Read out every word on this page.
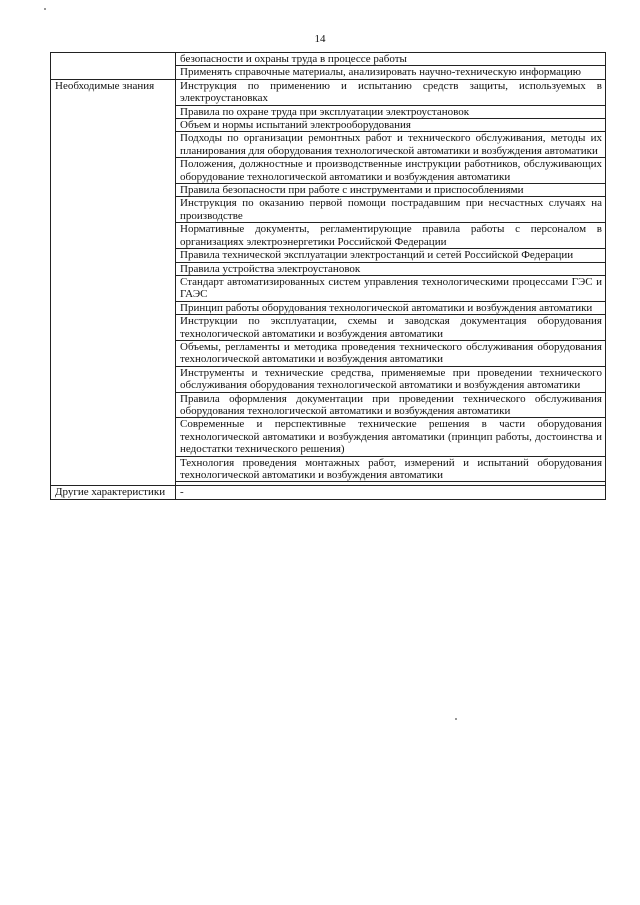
14
	безопасности и охраны труда в процессе работы
	Применять справочные материалы, анализировать научно-техническую информацию
Необходимые знания	Инструкция по применению и испытанию средств защиты, используемых в электроустановках
	Правила по охране труда при эксплуатации электроустановок
	Объем и нормы испытаний электрооборудования
	Подходы по организации ремонтных работ и технического обслуживания, методы их планирования для оборудования технологической автоматики и возбуждения автоматики
	Положения, должностные и производственные инструкции работников, обслуживающих оборудование технологической автоматики и возбуждения автоматики
	Правила безопасности при работе с инструментами и приспособлениями
	Инструкция по оказанию первой помощи пострадавшим при несчастных случаях на производстве
	Нормативные документы, регламентирующие правила работы с персоналом в организациях электроэнергетики Российской Федерации
	Правила технической эксплуатации электростанций и сетей Российской Федерации
	Правила устройства электроустановок
	Стандарт автоматизированных систем управления технологическими процессами ГЭС и ГАЭС
	Принцип работы оборудования технологической автоматики и возбуждения автоматики
	Инструкции по эксплуатации, схемы и заводская документация оборудования технологической автоматики и возбуждения автоматики
	Объемы, регламенты и методика проведения технического обслуживания оборудования технологической автоматики и возбуждения автоматики
	Инструменты и технические средства, применяемые при проведении технического обслуживания оборудования технологической автоматики и возбуждения автоматики
	Правила оформления документации при проведении технического обслуживания оборудования технологической автоматики и возбуждения автоматики
	Современные и перспективные технические решения в части оборудования технологической автоматики и возбуждения автоматики (принцип работы, достоинства и недостатки технического решения)
	Технология проведения монтажных работ, измерений и испытаний оборудования технологической автоматики и возбуждения автоматики

Другие характеристики	-
